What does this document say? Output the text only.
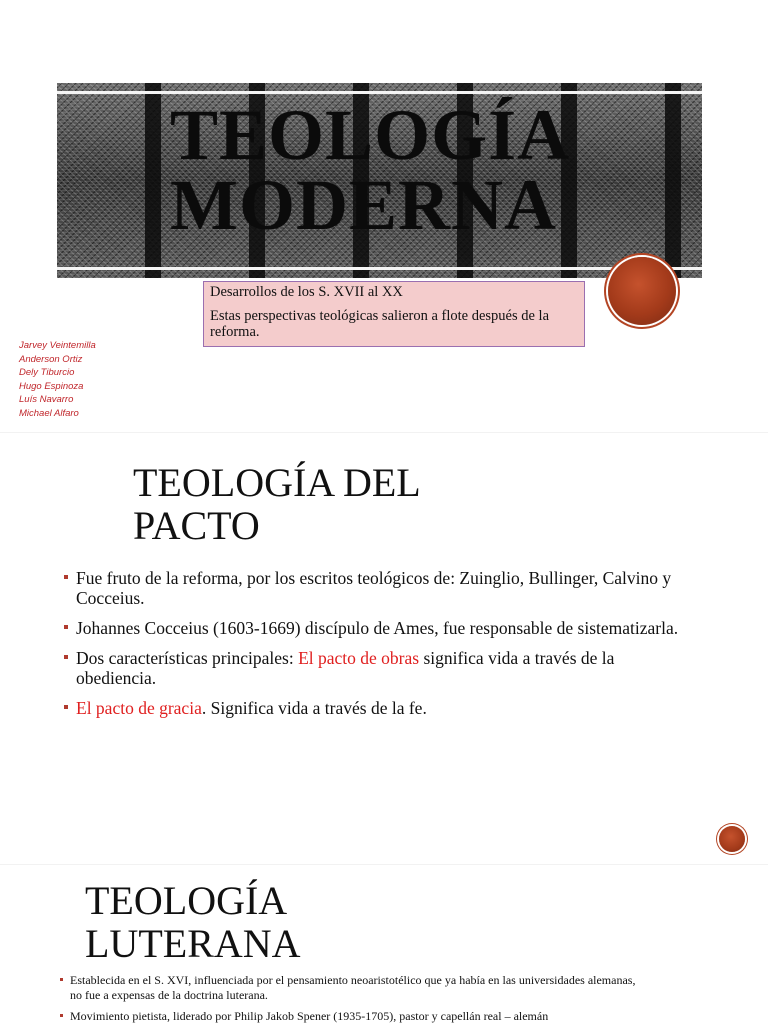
TEOLOGÍA
MODERNA

Desarrollos de los S. XVII al XX

Estas perspectivas teológicas salieron a flote después de la reforma.

Jarvey Veintemilla
Anderson Ortiz
Dely Tiburcio
Hugo Espinoza
Luís Navarro
Michael Alfaro
TEOLOGÍA DEL
PACTO
Fue fruto de la reforma, por los escritos teológicos de: Zuinglio, Bullinger, Calvino y Cocceius.
Johannes Cocceius (1603-1669) discípulo de Ames, fue responsable de sistematizarla.
Dos características principales: El pacto de obras significa vida a través de la obediencia.
El pacto de gracia. Significa vida a través de la fe.
TEOLOGÍA
LUTERANA
Establecida en el S. XVI, influenciada por el pensamiento neoaristotélico que ya había en las universidades alemanas, no fue a expensas de la doctrina luterana.
Movimiento pietista, liderado por Philip Jakob Spener (1935-1705), pastor y capellán real – alemán
